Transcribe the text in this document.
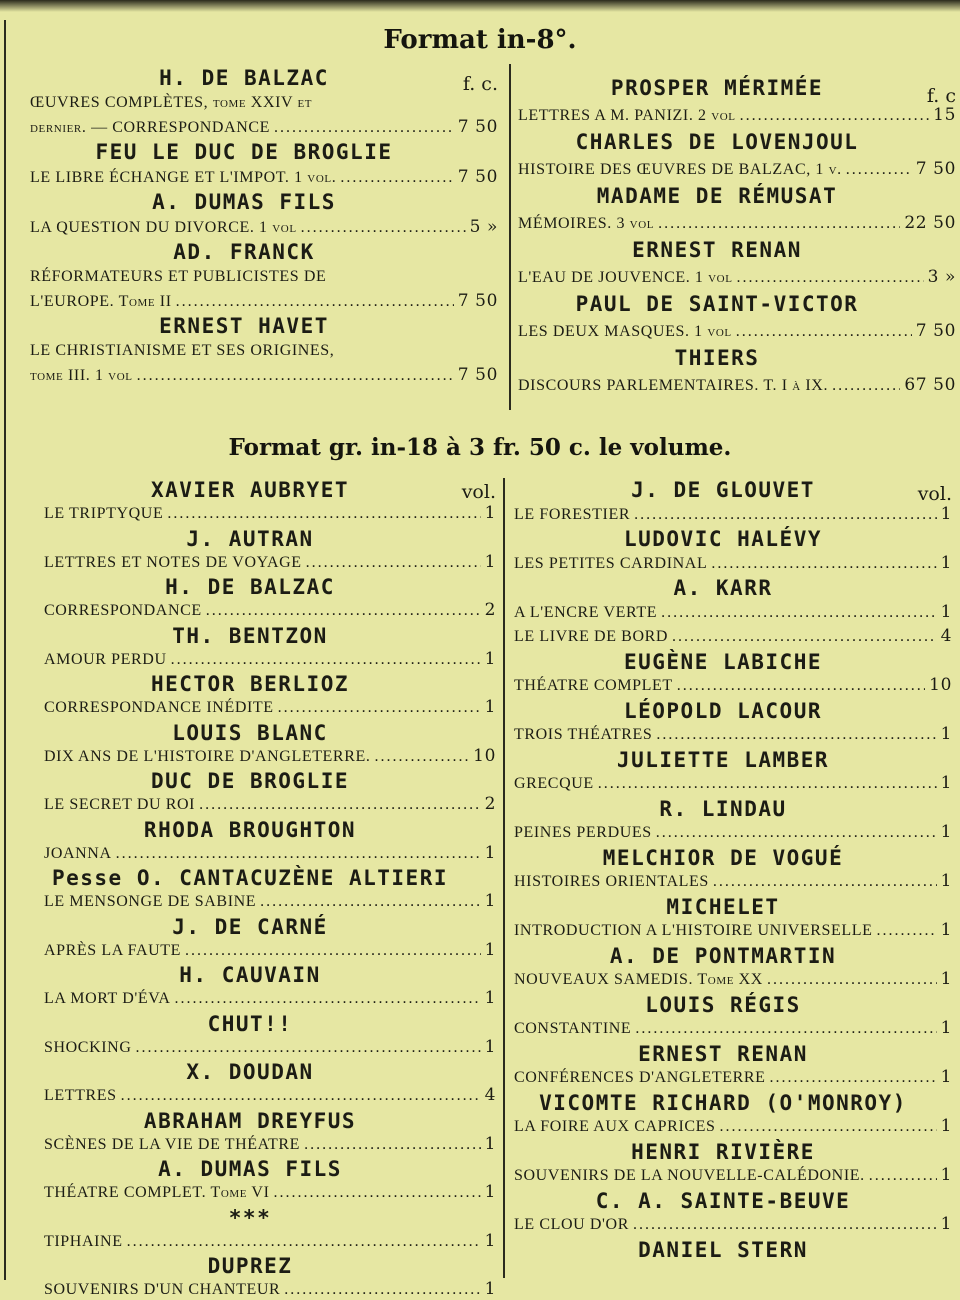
Format in-8°.
f. c.
H. DE BALZAC
ŒUVRES COMPLÈTES, tome XXIV et
dernier. — CORRESPONDANCE .....	7 50
FEU LE DUC DE BROGLIE
LE LIBRE ÉCHANGE ET L'IMPOT. 1 vol. .....	7 50
A. DUMAS FILS
LA QUESTION DU DIVORCE. 1 vol .....	5 »
AD. FRANCK
RÉFORMATEURS ET PUBLICISTES DE
L'EUROPE. Tome II .....	7 50
ERNEST HAVET
LE CHRISTIANISME ET SES ORIGINES,
tome III. 1 vol .....	7 50
f. c
PROSPER MÉRIMÉE
LETTRES A M. PANIZI. 2 vol .....	15
CHARLES DE LOVENJOUL
HISTOIRE DES ŒUVRES DE BALZAC, 1 v. .....	7 50
MADAME DE RÉMUSAT
MÉMOIRES. 3 vol .....	22 50
ERNEST RENAN
L'EAU DE JOUVENCE. 1 vol .....	3 »
PAUL DE SAINT-VICTOR
LES DEUX MASQUES. 1 vol .....	7 50
THIERS
DISCOURS PARLEMENTAIRES. T. I à IX. .....	67 50
Format gr. in-18 à 3 fr. 50 c. le volume.
vol.
XAVIER AUBRYET
LE TRIPTYQUE .....	1
J. AUTRAN
LETTRES ET NOTES DE VOYAGE .....	1
H. DE BALZAC
CORRESPONDANCE .....	2
TH. BENTZON
AMOUR PERDU .....	1
HECTOR BERLIOZ
CORRESPONDANCE INÉDITE .....	1
LOUIS BLANC
DIX ANS DE L'HISTOIRE D'ANGLETERRE. .....	10
DUC DE BROGLIE
LE SECRET DU ROI .....	2
RHODA BROUGHTON
JOANNA .....	1
Pesse O. CANTACUZÈNE ALTIERI
LE MENSONGE DE SABINE .....	1
J. DE CARNÉ
APRÈS LA FAUTE .....	1
H. CAUVAIN
LA MORT D'ÉVA .....	1
CHUT!!
SHOCKING .....	1
X. DOUDAN
LETTRES .....	4
ABRAHAM DREYFUS
SCÈNES DE LA VIE DE THÉATRE .....	1
A. DUMAS FILS
THÉATRE COMPLET. Tome VI .....	1
***
TIPHAINE .....	1
DUPREZ
SOUVENIRS D'UN CHANTEUR .....	1
vol.
J. DE GLOUVET
LE FORESTIER .....	1
LUDOVIC HALÉVY
LES PETITES CARDINAL .....	1
A. KARR
A L'ENCRE VERTE .....	1
LE LIVRE DE BORD .....	4
EUGÈNE LABICHE
THÉATRE COMPLET .....	10
LÉOPOLD LACOUR
TROIS THÉATRES .....	1
JULIETTE LAMBER
GRECQUE .....	1
R. LINDAU
PEINES PERDUES .....	1
MELCHIOR DE VOGUÉ
HISTOIRES ORIENTALES .....	1
MICHELET
INTRODUCTION A L'HISTOIRE UNIVERSELLE .....	1
A. DE PONTMARTIN
NOUVEAUX SAMEDIS. Tome XX .....	1
LOUIS RÉGIS
CONSTANTINE .....	1
ERNEST RENAN
CONFÉRENCES D'ANGLETERRE .....	1
VICOMTE RICHARD (O'MONROY)
LA FOIRE AUX CAPRICES .....	1
HENRI RIVIÈRE
SOUVENIRS DE LA NOUVELLE-CALÉDONIE. .....	1
C. A. SAINTE-BEUVE
LE CLOU D'OR .....	1
DANIEL STERN
